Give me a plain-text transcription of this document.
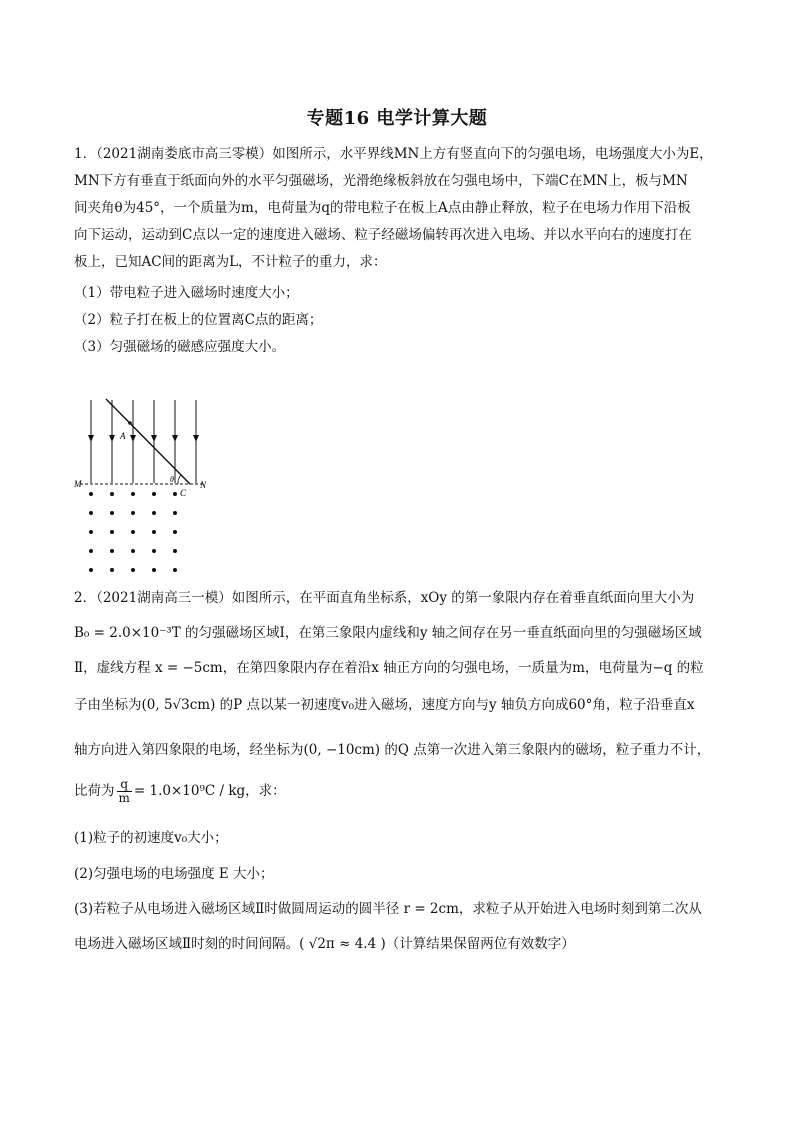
专题16 电学计算大题
1．（2021湖南娄底市高三零模）如图所示，水平界线MN上方有竖直向下的匀强电场，电场强度大小为E，
MN下方有垂直于纸面向外的水平匀强磁场，光滑绝缘板斜放在匀强电场中，下端C在MN上，板与MN
间夹角θ为45°，一个质量为m，电荷量为q的带电粒子在板上A点由静止释放，粒子在电场力作用下沿板
向下运动，运动到C点以一定的速度进入磁场、粒子经磁场偏转再次进入电场、并以水平向右的速度打在
板上，已知AC间的距离为L，不计粒子的重力，求：
（1）带电粒子进入磁场时速度大小；
（2）粒子打在板上的位置离C点的距离；
（3）匀强磁场的磁感应强度大小。
A
M	N
θ
C
2．（2021湖南高三一模）如图所示，在平面直角坐标系，xOy 的第一象限内存在着垂直纸面向里大小为
B₀ = 2.0×10⁻³T 的匀强磁场区域Ⅰ，在第三象限内虚线和y 轴之间存在另一垂直纸面向里的匀强磁场区域
Ⅱ，虚线方程 x = −5cm，在第四象限内存在着沿x 轴正方向的匀强电场，一质量为m，电荷量为−q 的粒
子由坐标为(0, 5√3cm) 的P 点以某一初速度v₀进入磁场，速度方向与y 轴负方向成60°角，粒子沿垂直x
轴方向进入第四象限的电场，经坐标为(0, −10cm) 的Q 点第一次进入第三象限内的磁场，粒子重力不计，
比荷为 $\frac{q}{m} = 1.0\times 10^9C$ / kg，求：
(1)粒子的初速度v₀大小；
(2)匀强电场的电场强度 E 大小；
(3)若粒子从电场进入磁场区域Ⅱ时做圆周运动的圆半径 r = 2cm，求粒子从开始进入电场时刻到第二次从
电场进入磁场区域Ⅱ时刻的时间间隔。( √2π ≈ 4.4 )（计算结果保留两位有效数字）
